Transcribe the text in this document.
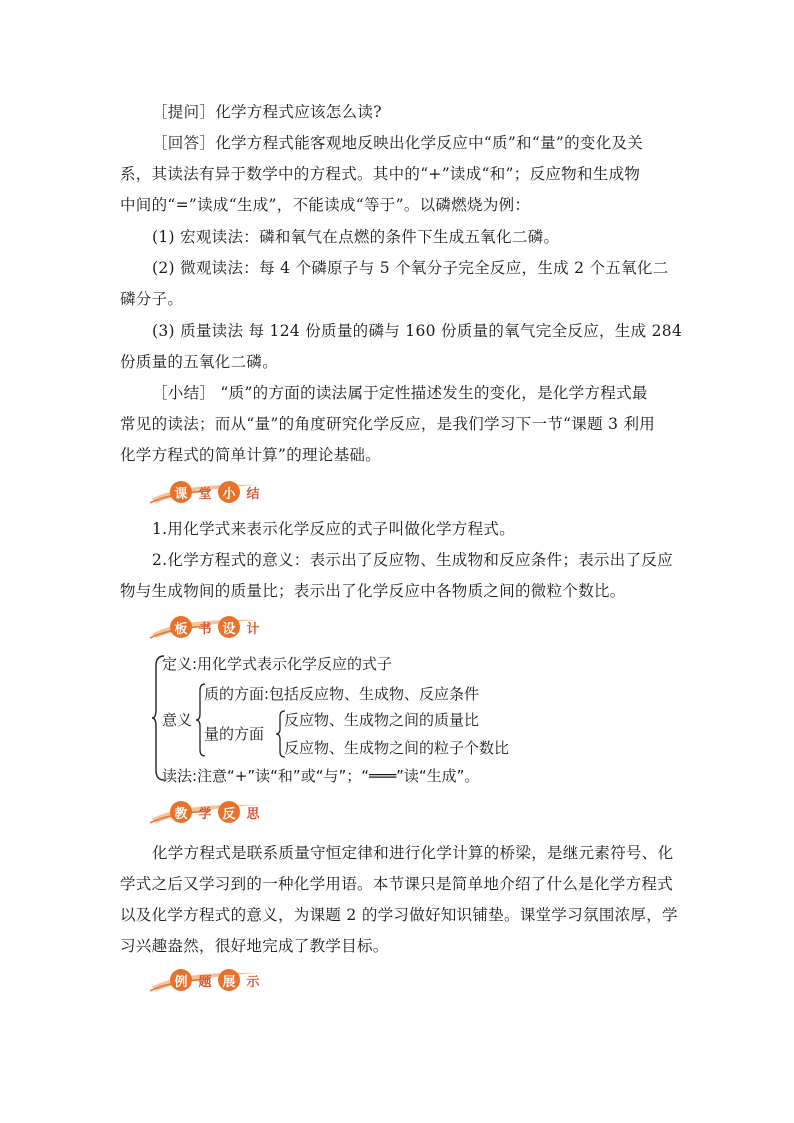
［提问］化学方程式应该怎么读?
［回答］化学方程式能客观地反映出化学反应中“质”和“量”的变化及关
系，其读法有异于数学中的方程式。其中的“+”读成“和”；反应物和生成物
中间的“=”读成“生成”，不能读成“等于”。以磷燃烧为例：
(1) 宏观读法：磷和氧气在点燃的条件下生成五氧化二磷。
(2) 微观读法：每 4 个磷原子与 5 个氧分子完全反应，生成 2 个五氧化二
磷分子。
(3) 质量读法 每 124 份质量的磷与 160 份质量的氧气完全反应，生成 284
份质量的五氧化二磷。
［小结］ “质”的方面的读法属于定性描述发生的变化，是化学方程式最
常见的读法；而从“量”的角度研究化学反应，是我们学习下一节“课题 3 利用
化学方程式的简单计算”的理论基础。
课 堂 小 结
1.用化学式来表示化学反应的式子叫做化学方程式。
2.化学方程式的意义：表示出了反应物、生成物和反应条件；表示出了反应
物与生成物间的质量比；表示出了化学反应中各物质之间的微粒个数比。
板 书 设 计
定义:用化学式表示化学反应的式子
意义
质的方面:包括反应物、生成物、反应条件
量的方面
反应物、生成物之间的质量比
反应物、生成物之间的粒子个数比
读法:注意“+”读“和”或“与”；“═══”读“生成”。
教 学 反 思
化学方程式是联系质量守恒定律和进行化学计算的桥梁，是继元素符号、化
学式之后又学习到的一种化学用语。本节课只是简单地介绍了什么是化学方程式
以及化学方程式的意义，为课题 2 的学习做好知识铺垫。课堂学习氛围浓厚，学
习兴趣盎然，很好地完成了教学目标。
例 题 展 示
